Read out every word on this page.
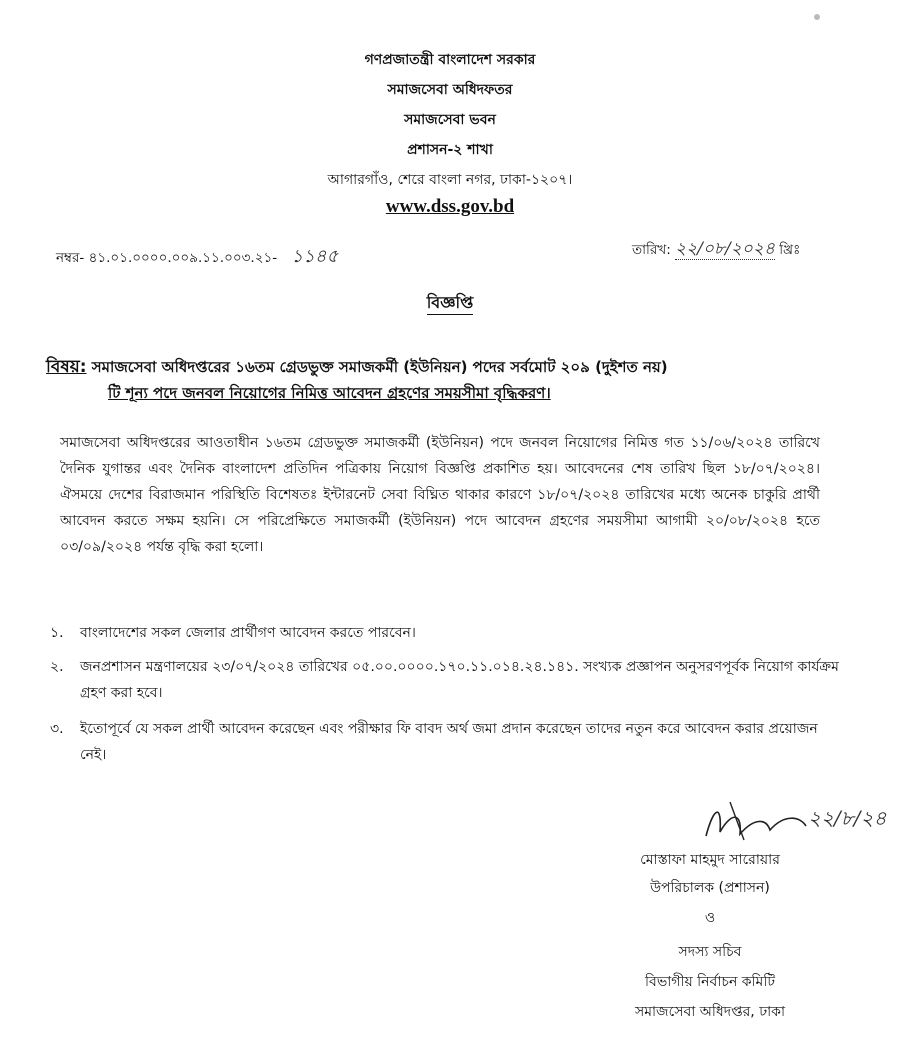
গণপ্রজাতন্ত্রী বাংলাদেশ সরকার
সমাজসেবা অধিদফতর
সমাজসেবা ভবন
প্রশাসন-২ শাখা
আগারগাঁও, শেরে বাংলা নগর, ঢাকা-১২০৭।
www.dss.gov.bd
নম্বর- ৪১.০১.০০০০.০০৯.১১.০০৩.২১- ১১৪৫	তারিখ: ২২/০৮/২০২৪ খ্রিঃ
বিজ্ঞপ্তি
বিষয়: সমাজসেবা অধিদপ্তরের ১৬তম গ্রেডভুক্ত সমাজকর্মী (ইউনিয়ন) পদের সর্বমোট ২০৯ (দুইশত নয়)
টি শূন্য পদে জনবল নিয়োগের নিমিত্ত আবেদন গ্রহণের সময়সীমা বৃদ্ধিকরণ।
সমাজসেবা অধিদপ্তরের আওতাধীন ১৬তম গ্রেডভুক্ত সমাজকর্মী (ইউনিয়ন) পদে জনবল নিয়োগের নিমিত্ত গত ১১/০৬/২০২৪ তারিখে দৈনিক যুগান্তর এবং দৈনিক বাংলাদেশ প্রতিদিন পত্রিকায় নিয়োগ বিজ্ঞপ্তি প্রকাশিত হয়। আবেদনের শেষ তারিখ ছিল ১৮/০৭/২০২৪। ঐসময়ে দেশের বিরাজমান পরিস্থিতি বিশেষতঃ ইন্টারনেট সেবা বিঘ্নিত থাকার কারণে ১৮/০৭/২০২৪ তারিখের মধ্যে অনেক চাকুরি প্রার্থী আবেদন করতে সক্ষম হয়নি। সে পরিপ্রেক্ষিতে সমাজকর্মী (ইউনিয়ন) পদে আবেদন গ্রহণের সময়সীমা আগামী ২০/০৮/২০২৪ হতে ০৩/০৯/২০২৪ পর্যন্ত বৃদ্ধি করা হলো।
১. বাংলাদেশের সকল জেলার প্রার্থীগণ আবেদন করতে পারবেন।
২. জনপ্রশাসন মন্ত্রণালয়ের ২৩/০৭/২০২৪ তারিখের ০৫.০০.০০০০.১৭০.১১.০১৪.২৪.১৪১. সংখ্যক প্রজ্ঞাপন অনুসরণপূর্বক নিয়োগ কার্যক্রম গ্রহণ করা হবে।
৩. ইতোপূর্বে যে সকল প্রার্থী আবেদন করেছেন এবং পরীক্ষার ফি বাবদ অর্থ জমা প্রদান করেছেন তাদের নতুন করে আবেদন করার প্রয়োজন নেই।
২২/৮/২৪
মোস্তাফা মাহমুদ সারোয়ার
উপরিচালক (প্রশাসন)
ও
সদস্য সচিব
বিভাগীয় নির্বাচন কমিটি
সমাজসেবা অধিদপ্তর, ঢাকা
